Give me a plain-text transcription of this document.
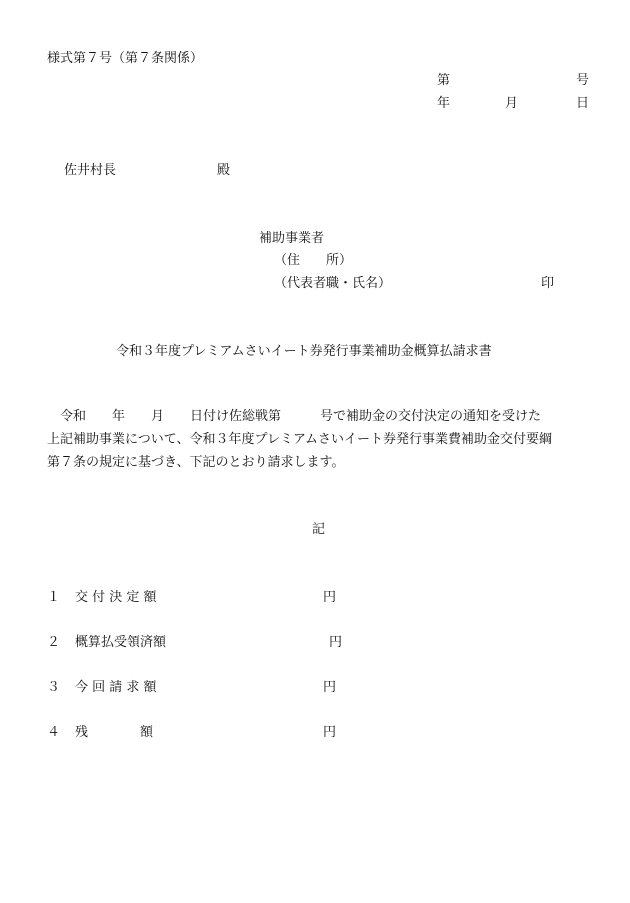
様式第７号（第７条関係）
第	号
年	月	日
佐井村長	殿
補助事業者
（住　　所）
（代表者職・氏名）	印
令和３年度プレミアムさいイート券発行事業補助金概算払請求書
　令和　　年　　月　　日付け佐総戦第　　　号で補助金の交付決定の通知を受けた
上記補助事業について、令和３年度プレミアムさいイート券発行事業費補助金交付要綱
第７条の規定に基づき、下記のとおり請求します。
記
１ 交 付 決 定 額	円
２ 概算払受領済額	円
３ 今 回 請 求 額	円
４ 残　　　　額	円
